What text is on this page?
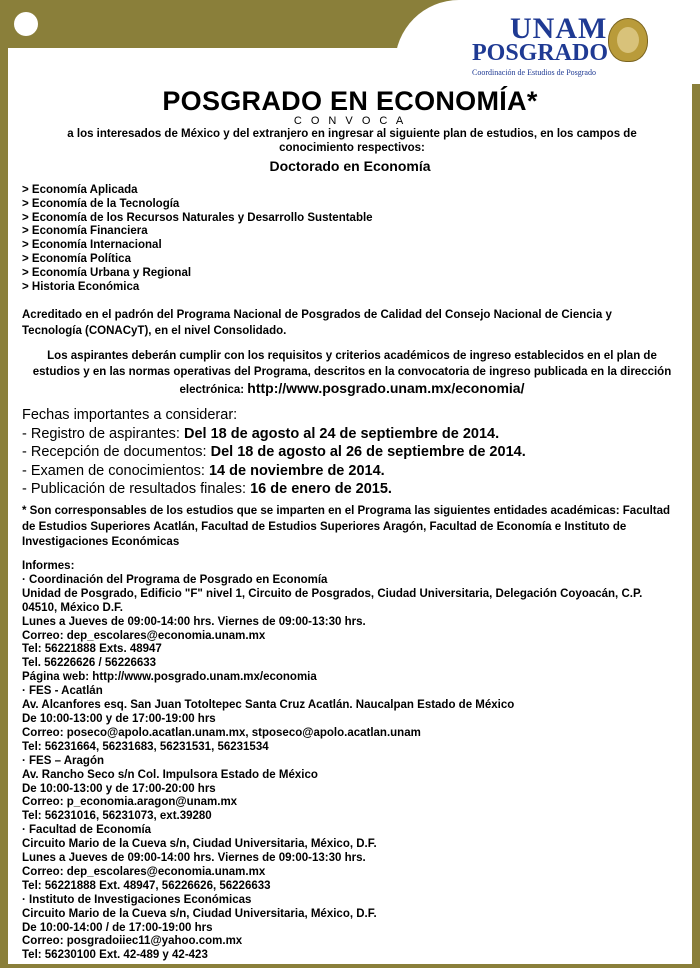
UNAM
POSGRADO
Coordinación de Estudios de Posgrado
POSGRADO EN ECONOMÍA*
C O N V O C A
a los interesados de México y del extranjero en ingresar al siguiente plan de estudios, en los campos de conocimiento respectivos:
Doctorado en Economía
> Economía Aplicada
> Economía de la Tecnología
> Economía de los Recursos Naturales y Desarrollo Sustentable
> Economía Financiera
> Economía Internacional
> Economía Política
> Economía Urbana y Regional
> Historia Económica
Acreditado en el padrón del Programa Nacional de Posgrados de Calidad del Consejo Nacional de Ciencia y Tecnología (CONACyT), en el nivel Consolidado.
Los aspirantes deberán cumplir con los requisitos y criterios académicos de ingreso establecidos en el plan de estudios y en las normas operativas del Programa, descritos en la convocatoria de ingreso publicada en la dirección electrónica: http://www.posgrado.unam.mx/economia/
Fechas importantes a considerar:
- Registro de aspirantes: Del 18 de agosto al 24 de septiembre de 2014.
- Recepción de documentos: Del 18 de agosto al 26 de septiembre de 2014.
- Examen de conocimientos: 14 de noviembre de 2014.
- Publicación de resultados finales: 16 de enero de 2015.
* Son corresponsables de los estudios que se imparten en el Programa las siguientes entidades académicas: Facultad de Estudios Superiores Acatlán, Facultad de Estudios Superiores Aragón, Facultad de Economía e Instituto de Investigaciones Económicas
Informes:
· Coordinación del Programa de Posgrado en Economía
Unidad de Posgrado, Edificio "F" nivel 1, Circuito de Posgrados, Ciudad Universitaria, Delegación Coyoacán, C.P.
04510, México D.F.
Lunes a Jueves de 09:00-14:00 hrs. Viernes de 09:00-13:30 hrs.
Correo: dep_escolares@economia.unam.mx
Tel: 56221888 Exts. 48947
Tel. 56226626 / 56226633
Página web: http://www.posgrado.unam.mx/economia
· FES - Acatlán
Av. Alcanfores esq. San Juan Totoltepec Santa Cruz Acatlán. Naucalpan Estado de México
De 10:00-13:00 y de 17:00-19:00 hrs
Correo: poseco@apolo.acatlan.unam.mx, stposeco@apolo.acatlan.unam
Tel: 56231664, 56231683, 56231531, 56231534
· FES – Aragón
Av. Rancho Seco s/n Col. Impulsora Estado de México
De 10:00-13:00 y de 17:00-20:00 hrs
Correo: p_economia.aragon@unam.mx
Tel: 56231016, 56231073, ext.39280
· Facultad de Economía
Circuito Mario de la Cueva s/n, Ciudad Universitaria, México, D.F.
Lunes a Jueves de 09:00-14:00 hrs. Viernes de 09:00-13:30 hrs.
Correo: dep_escolares@economia.unam.mx
Tel: 56221888 Ext. 48947, 56226626, 56226633
· Instituto de Investigaciones Económicas
Circuito Mario de la Cueva s/n, Ciudad Universitaria, México, D.F.
De 10:00-14:00 / de 17:00-19:00 hrs
Correo: posgradoiiec11@yahoo.com.mx
Tel: 56230100 Ext. 42-489 y 42-423
